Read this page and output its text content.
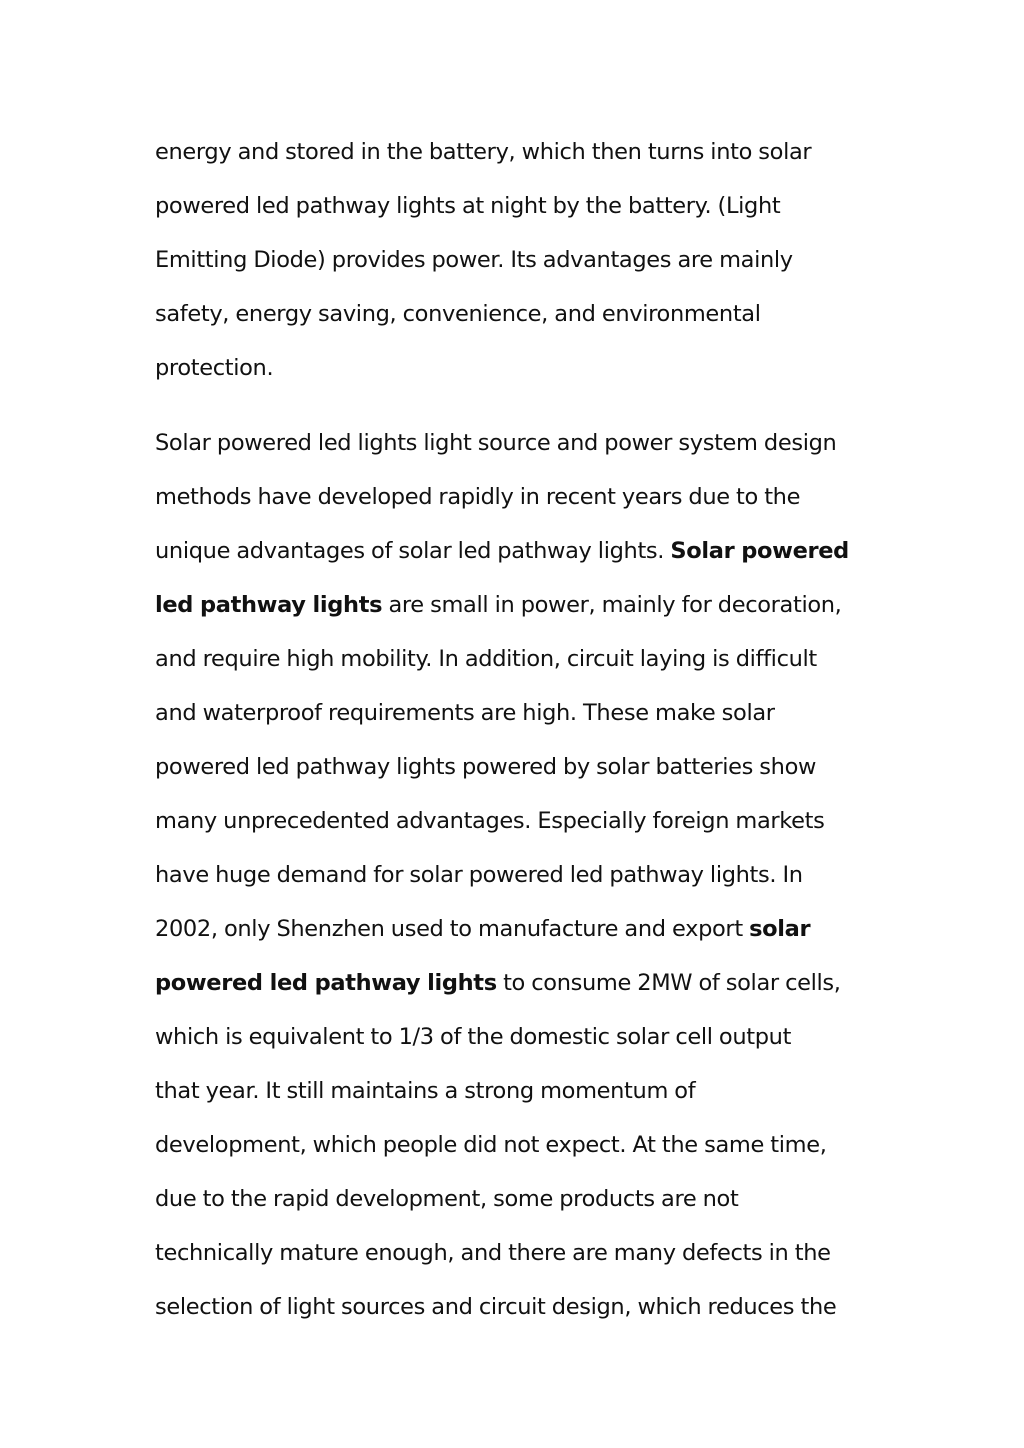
energy and stored in the battery, which then turns into solar
powered led pathway lights at night by the battery. (Light
Emitting Diode) provides power. Its advantages are mainly
safety, energy saving, convenience, and environmental
protection.
Solar powered led lights light source and power system design
methods have developed rapidly in recent years due to the
unique advantages of solar led pathway lights. Solar powered
led pathway lights are small in power, mainly for decoration,
and require high mobility. In addition, circuit laying is difficult
and waterproof requirements are high. These make solar
powered led pathway lights powered by solar batteries show
many unprecedented advantages. Especially foreign markets
have huge demand for solar powered led pathway lights. In
2002, only Shenzhen used to manufacture and export solar
powered led pathway lights to consume 2MW of solar cells,
which is equivalent to 1/3 of the domestic solar cell output
that year. It still maintains a strong momentum of
development, which people did not expect. At the same time,
due to the rapid development, some products are not
technically mature enough, and there are many defects in the
selection of light sources and circuit design, which reduces the
